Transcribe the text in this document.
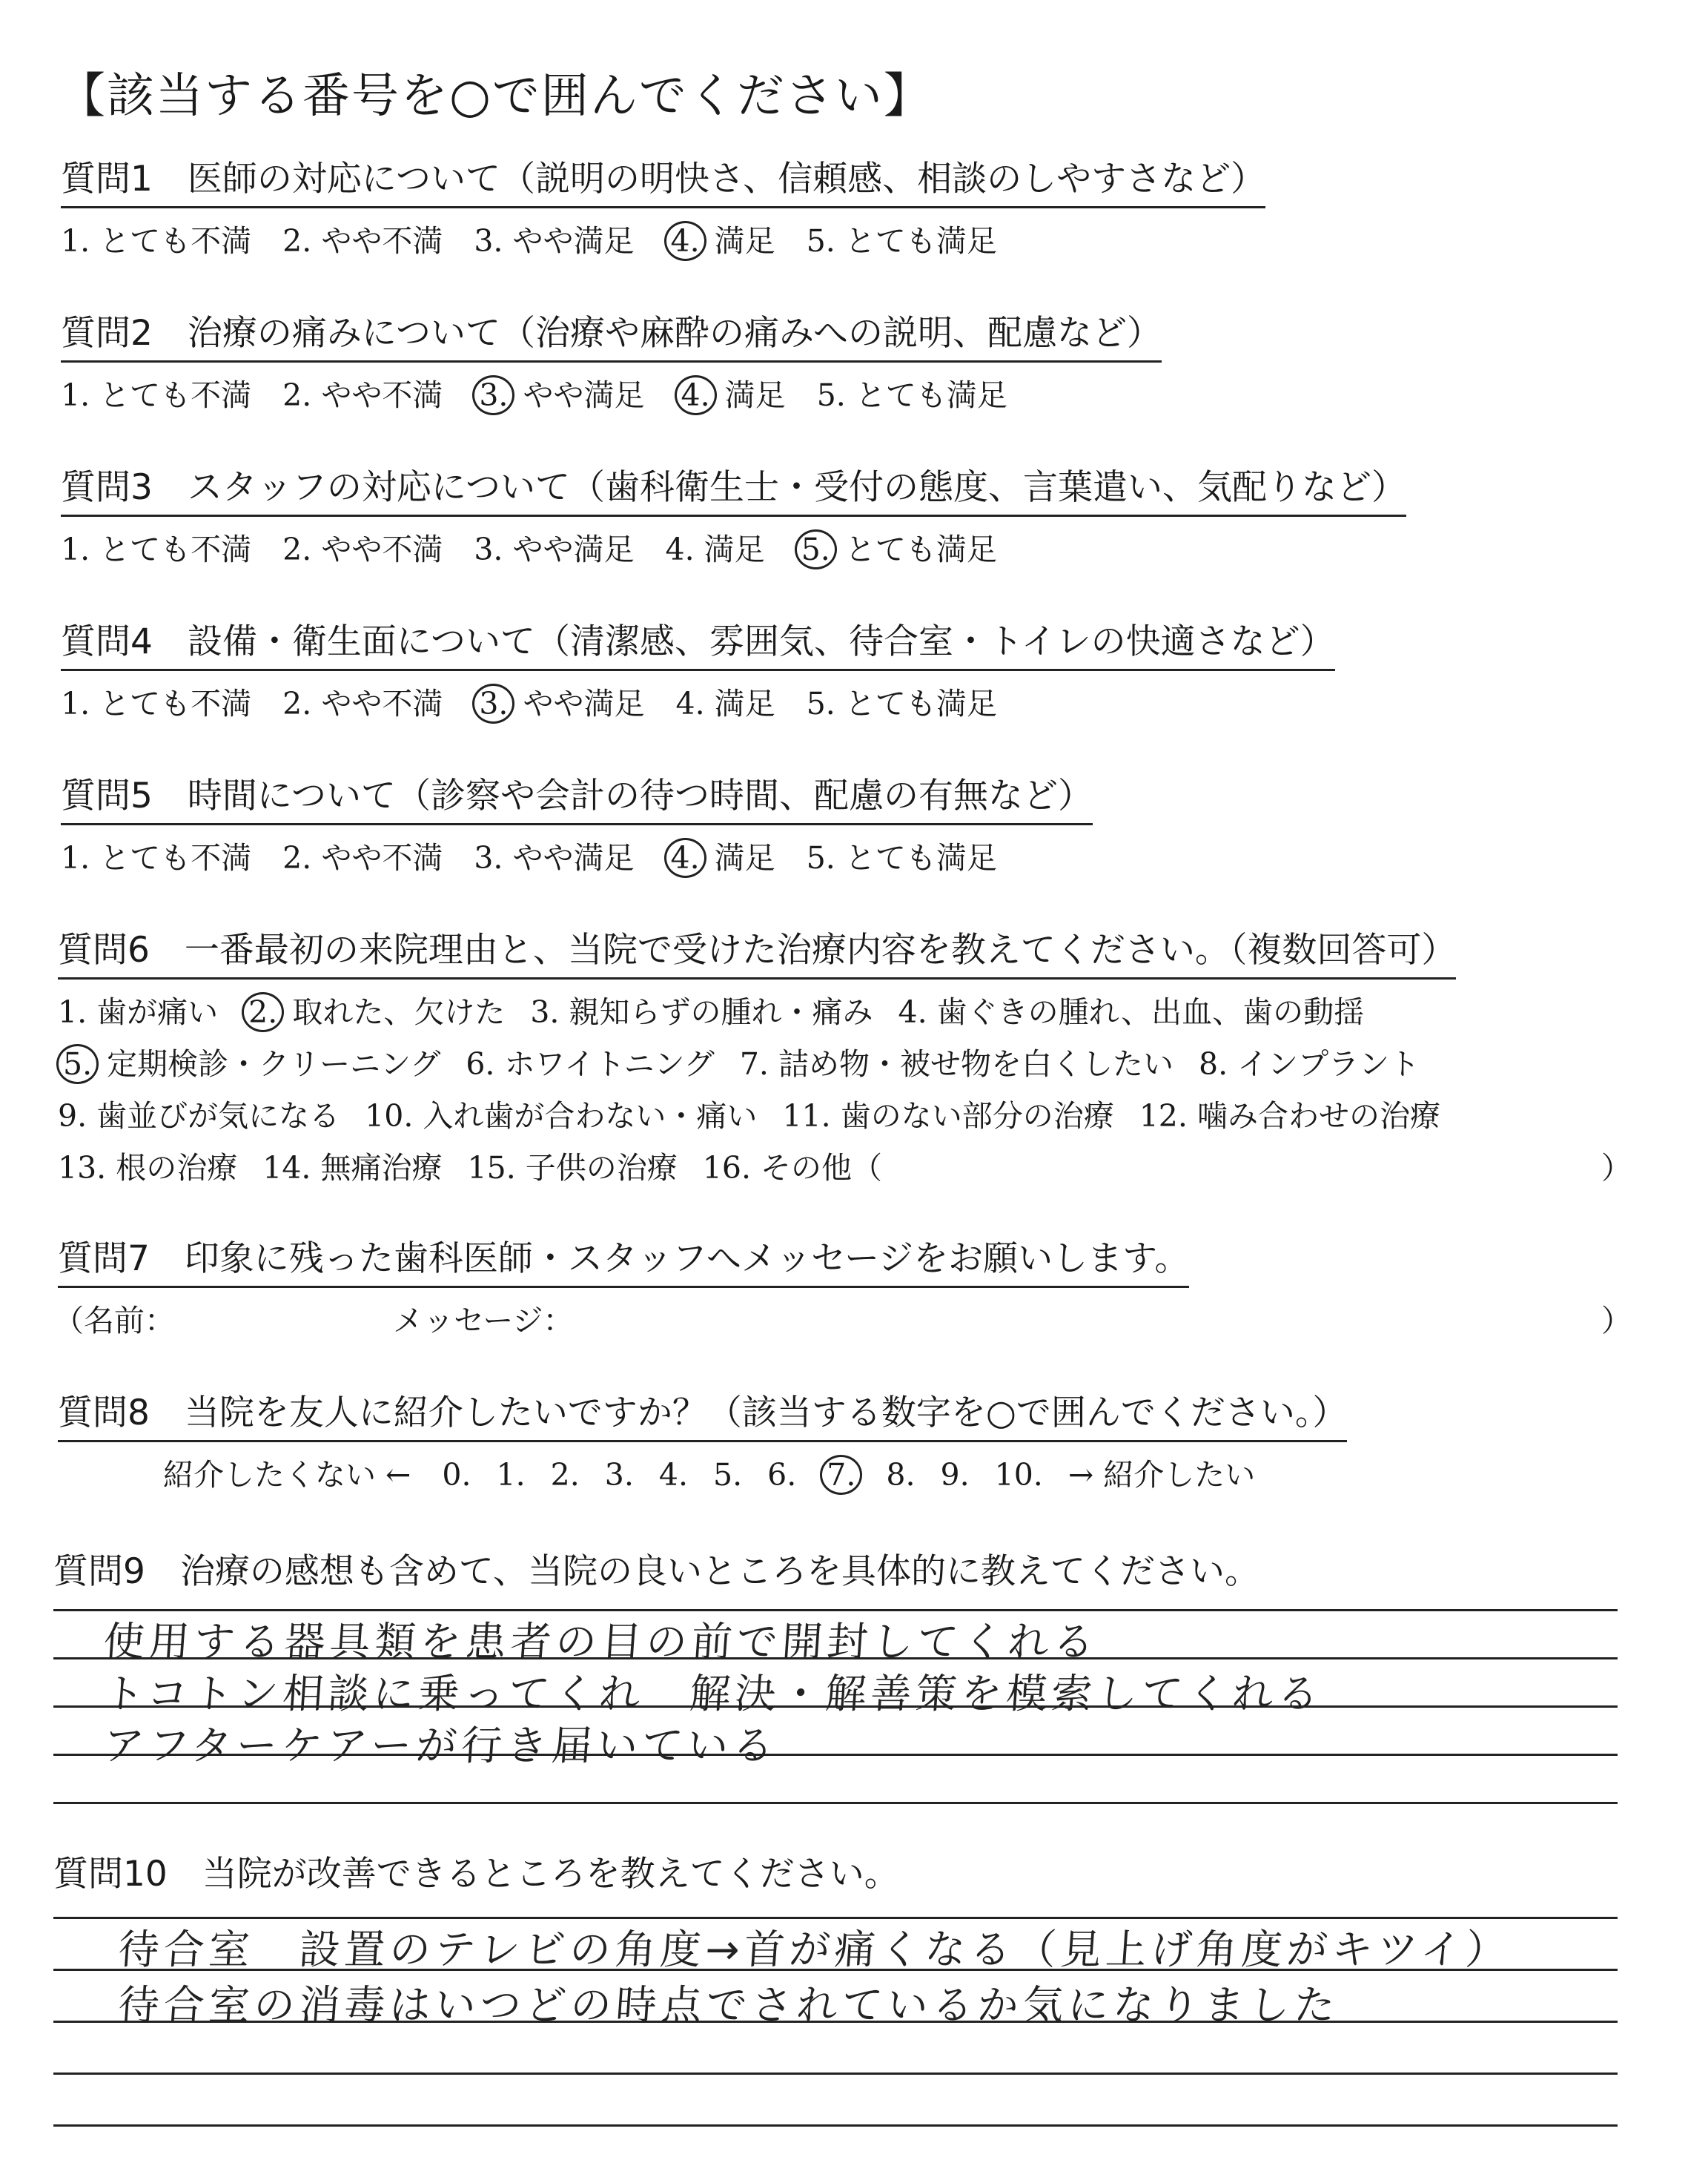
【該当する番号を○で囲んでください】
質問1　医師の対応について（説明の明快さ、信頼感、相談のしやすさなど）
1. とても不満 2. やや不満 3. やや満足 4. 満足 5. とても満足
質問2　治療の痛みについて（治療や麻酔の痛みへの説明、配慮など）
1. とても不満 2. やや不満 3. やや満足 4. 満足 5. とても満足
質問3　スタッフの対応について（歯科衛生士・受付の態度、言葉遣い、気配りなど）
1. とても不満 2. やや不満 3. やや満足 4. 満足 5. とても満足
質問4　設備・衛生面について（清潔感、雰囲気、待合室・トイレの快適さなど）
1. とても不満 2. やや不満 3. やや満足 4. 満足 5. とても満足
質問5　時間について（診察や会計の待つ時間、配慮の有無など）
1. とても不満 2. やや不満 3. やや満足 4. 満足 5. とても満足
質問6　一番最初の来院理由と、当院で受けた治療内容を教えてください。（複数回答可）
1. 歯が痛い 2. 取れた、欠けた 3. 親知らずの腫れ・痛み 4. 歯ぐきの腫れ、出血、歯の動揺
5. 定期検診・クリーニング 6. ホワイトニング 7. 詰め物・被せ物を白くしたい 8. インプラント
9. 歯並びが気になる 10. 入れ歯が合わない・痛い 11. 歯のない部分の治療 12. 噛み合わせの治療
13. 根の治療 14. 無痛治療 15. 子供の治療 16. その他（	）
質問7　印象に残った歯科医師・スタッフへメッセージをお願いします。
（名前：	メッセージ：	）
質問8　当院を友人に紹介したいですか？（該当する数字を○で囲んでください。）
紹介したくない ← 0. 1. 2. 3. 4. 5. 6. 7. 8. 9. 10. → 紹介したい
質問9　治療の感想も含めて、当院の良いところを具体的に教えてください。
使用する器具類を患者の目の前で開封してくれる
トコトン相談に乗ってくれ　解決・解善策を模索してくれる
アフターケアーが行き届いている
質問10　当院が改善できるところを教えてください。
待合室　設置のテレビの角度→首が痛くなる（見上げ角度がキツイ）
待合室の消毒はいつどの時点でされているか気になりました
